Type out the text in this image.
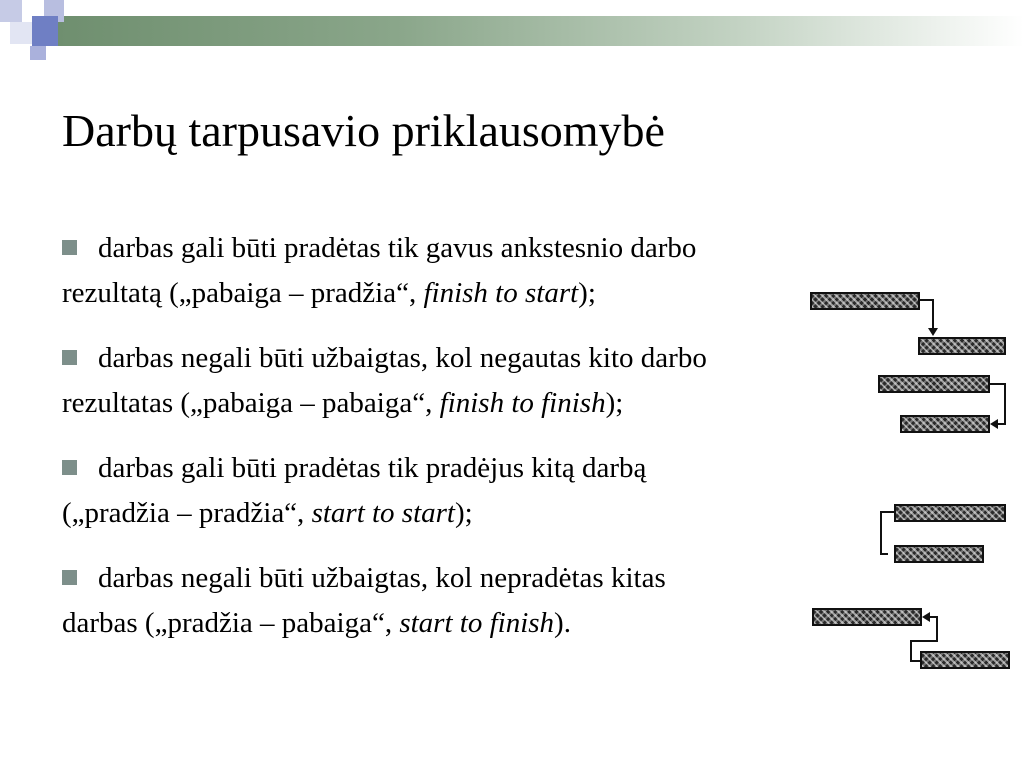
Darbų tarpusavio priklausomybė

darbas gali būti pradėtas tik gavus ankstesnio darbo
rezultatą („pabaiga – pradžia“, finish to start);

darbas negali būti užbaigtas, kol negautas kito darbo
rezultatas („pabaiga – pabaiga“, finish to finish);

darbas gali būti pradėtas tik pradėjus kitą darbą
(„pradžia – pradžia“, start to start);

darbas negali būti užbaigtas, kol nepradėtas kitas
darbas („pradžia – pabaiga“, start to finish).
